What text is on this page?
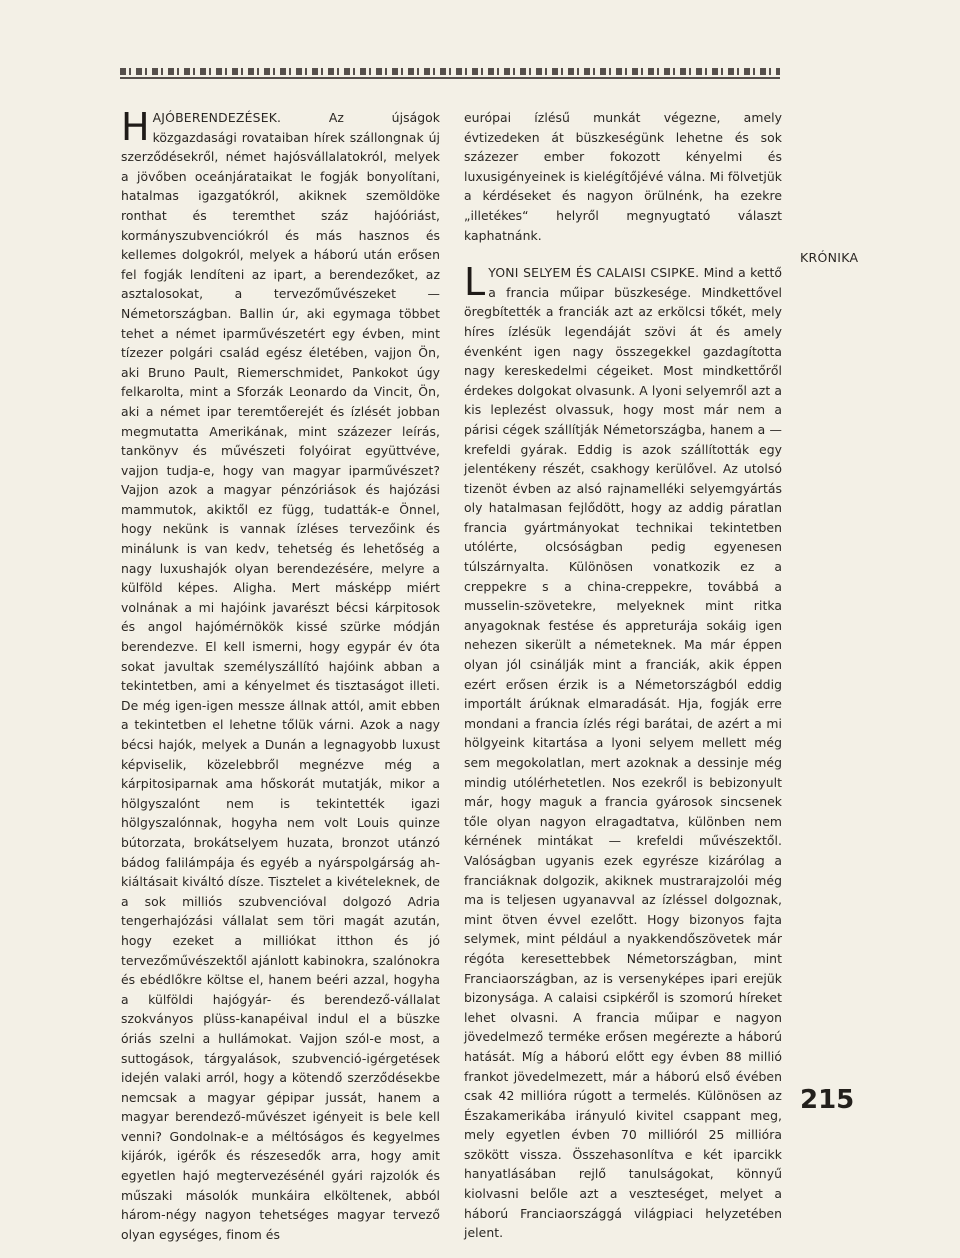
HAJÓBERENDEZÉSEK. Az újságok közgazdasági rovataiban hírek szállongnak új szerződésekről, német hajósvállalatokról, melyek a jövőben oceánjárataikat le fogják bonyolítani, hatalmas igazgatókról, akiknek szemöldöke ronthat és teremthet száz hajóóriást, kormányszubvenciókról és más hasznos és kellemes dolgokról, melyek a háború után erősen fel fogják lendíteni az ipart, a berendezőket, az asztalosokat, a tervezőművészeket — Németországban. Ballin úr, aki egymaga többet tehet a német iparművészetért egy évben, mint tízezer polgári család egész életében, vajjon Ön, aki Bruno Pault, Riemerschmidet, Pankokot úgy felkarolta, mint a Sforzák Leonardo da Vincit, Ön, aki a német ipar teremtőerejét és ízlését jobban megmutatta Amerikának, mint százezer leírás, tankönyv és művészeti folyóirat együttvéve, vajjon tudja-e, hogy van magyar iparművészet? Vajjon azok a magyar pénzóriások és hajózási mammutok, akiktől ez függ, tudatták-e Önnel, hogy nekünk is vannak ízléses tervezőink és minálunk is van kedv, tehetség és lehetőség a nagy luxushajók olyan berendezésére, melyre a külföld képes. Aligha. Mert másképp miért volnának a mi hajóink javarészt bécsi kárpitosok és angol hajómérnökök kissé szürke módján berendezve. El kell ismerni, hogy egypár év óta sokat javultak személyszállító hajóink abban a tekintetben, ami a kényelmet és tisztaságot illeti. De még igen-igen messze állnak attól, amit ebben a tekintetben el lehetne tőlük várni. Azok a nagy bécsi hajók, melyek a Dunán a legnagyobb luxust képviselik, közelebbről megnézve még a kárpitosiparnak ama hőskorát mutatják, mikor a hölgyszalónt nem is tekintették igazi hölgyszalónnak, hogyha nem volt Louis quinze bútorzata, brokátselyem huzata, bronzot utánzó bádog falilámpája és egyéb a nyárspolgárság ah-kiáltásait kiváltó dísze. Tisztelet a kivételeknek, de a sok milliós szubvencióval dolgozó Adria tengerhajózási vállalat sem töri magát azután, hogy ezeket a milliókat itthon és jó tervezőművészektől ajánlott kabinokra, szalónokra és ebédlőkre költse el, hanem beéri azzal, hogyha a külföldi hajógyár- és berendező-vállalat szokványos plüss-kanapéival indul el a büszke óriás szelni a hullámokat. Vajjon szól-e most, a suttogások, tárgyalások, szubvenció-igérgetések idején valaki arról, hogy a kötendő szerződésekbe nemcsak a magyar gépipar jussát, hanem a magyar berendező-művészet igényeit is bele kell venni? Gondolnak-e a méltóságos és kegyelmes kijárók, igérők és részesedők arra, hogy amit egyetlen hajó megtervezésénél gyári rajzolók és műszaki másolók munkáira elköltenek, abból három-négy nagyon tehetséges magyar tervező olyan egységes, finom és

európai ízlésű munkát végezne, amely évtizedeken át büszkeségünk lehetne és sok százezer ember fokozott kényelmi és luxusigényeinek is kielégítőjévé válna. Mi fölvetjük a kérdéseket és nagyon örülnénk, ha ezekre „illetékes“ helyről megnyugtató választ kaphatnánk.

LYONI SELYEM ÉS CALAISI CSIPKE. Mind a kettő a francia műipar büszkesége. Mindkettővel öregbítették a franciák azt az erkölcsi tőkét, mely híres ízlésük legendáját szövi át és amely évenként igen nagy összegekkel gazdagította nagy kereskedelmi cégeiket. Most mindkettőről érdekes dolgokat olvasunk. A lyoni selyemről azt a kis leplezést olvassuk, hogy most már nem a párisi cégek szállítják Németországba, hanem a — krefeldi gyárak. Eddig is azok szállították egy jelentékeny részét, csakhogy kerülővel. Az utolsó tizenöt évben az alsó rajnamelléki selyemgyártás oly hatalmasan fejlődött, hogy az addig páratlan francia gyártmányokat technikai tekintetben utólérte, olcsóságban pedig egyenesen túlszárnyalta. Különösen vonatkozik ez a creppekre s a china-creppekre, továbbá a musselin-szövetekre, melyeknek mint ritka anyagoknak festése és appreturája sokáig igen nehezen sikerült a németeknek. Ma már éppen olyan jól csinálják mint a franciák, akik éppen ezért erősen érzik is a Németországból eddig importált árúknak elmaradását. Hja, fogják erre mondani a francia ízlés régi barátai, de azért a mi hölgyeink kitartása a lyoni selyem mellett még sem megokolatlan, mert azoknak a dessinje még mindig utólérhetetlen. Nos ezekről is bebizonyult már, hogy maguk a francia gyárosok sincsenek tőle olyan nagyon elragadtatva, különben nem kérnének mintákat — krefeldi művészektől. Valóságban ugyanis ezek egyrésze kizárólag a franciáknak dolgozik, akiknek mustrarajzolói még ma is teljesen ugyanavval az ízléssel dolgoznak, mint ötven évvel ezelőtt. Hogy bizonyos fajta selymek, mint például a nyakkendőszövetek már régóta keresettebbek Németországban, mint Franciaországban, az is versenyképes ipari erejük bizonysága. A calaisi csipkéről is szomorú híreket lehet olvasni. A francia műipar e nagyon jövedelmező terméke erősen megérezte a háború hatását. Míg a háború előtt egy évben 88 millió frankot jövedelmezett, már a háború első évében csak 42 millióra rúgott a termelés. Különösen az Északamerikába irányuló kivitel csappant meg, mely egyetlen évben 70 millióról 25 millióra szökött vissza. Összehasonlítva e két iparcikk hanyatlásában rejlő tanulságokat, könnyű kiolvasni belőle azt a veszteséget, melyet a háború Franciaországgá világpiaci helyzetében jelent.

KRÓNIKA
215
